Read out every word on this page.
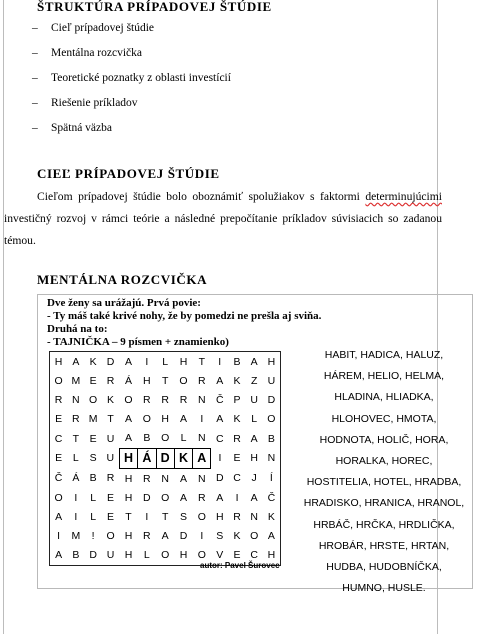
ŠTRUKTÚRA PRÍPADOVEJ ŠTÚDIE
– Cieľ prípadovej štúdie
– Mentálna rozcvička
– Teoretické poznatky z oblasti investícií
– Riešenie príkladov
– Spätná väzba
CIEĽ PRÍPADOVEJ ŠTÚDIE

Cieľom prípadovej štúdie bolo oboznámiť spolužiakov s faktormi determinujúcimi investičný rozvoj v rámci teórie a následné prepočítanie príkladov súvisiacich so zadanou témou.

MENTÁLNA ROZCVIČKA
Dve ženy sa urážajú. Prvá povie:
- Ty máš také krivé nohy, že by pomedzi ne prešla aj sviňa.
Druhá na to:
- TAJNIČKA – 9 písmen + znamienko)
H	A	K	D	A	I	L	H	T	I	B	A	H
O	M	E	R	Á	H	T	O	R	A	K	Z	U
R	N	O	K	O	R	R	R	N	Č	P	U	D
E	R	M	T	A	O	H	A	I	A	K	L	O
C	T	E	U	A	B	O	L	N	C	R	A	B
E	L	S	U	H	Á	D	K	A	I	E	H	N
Č	Á	B	R	H	R	N	A	N	D	C	J	Í
O	I	L	E	H	D	O	A	R	A	I	A	Č
A	I	L	E	T	I	T	S	O	H	R	N	K
I	M	!	O	H	R	A	D	I	S	K	O	A
A	B	D	U	H	L	O	H	O	V	E	C	H
autor: Pavel Šurovec
HABIT, HADICA, HALUZ,
HÁREM, HELIO, HELMA,
HLADINA, HLIADKA,
HLOHOVEC, HMOTA,
HODNOTA, HOLIČ, HORA,
HORALKA, HOREC,
HOSTITELIA, HOTEL, HRADBA,
HRADISKO, HRANICA, HRANOL,
HRBÁČ, HRČKA, HRDLIČKA,
HROBÁR, HRSTE, HRTAN,
HUDBA, HUDOBNÍČKA,
HUMNO, HUSLE.
